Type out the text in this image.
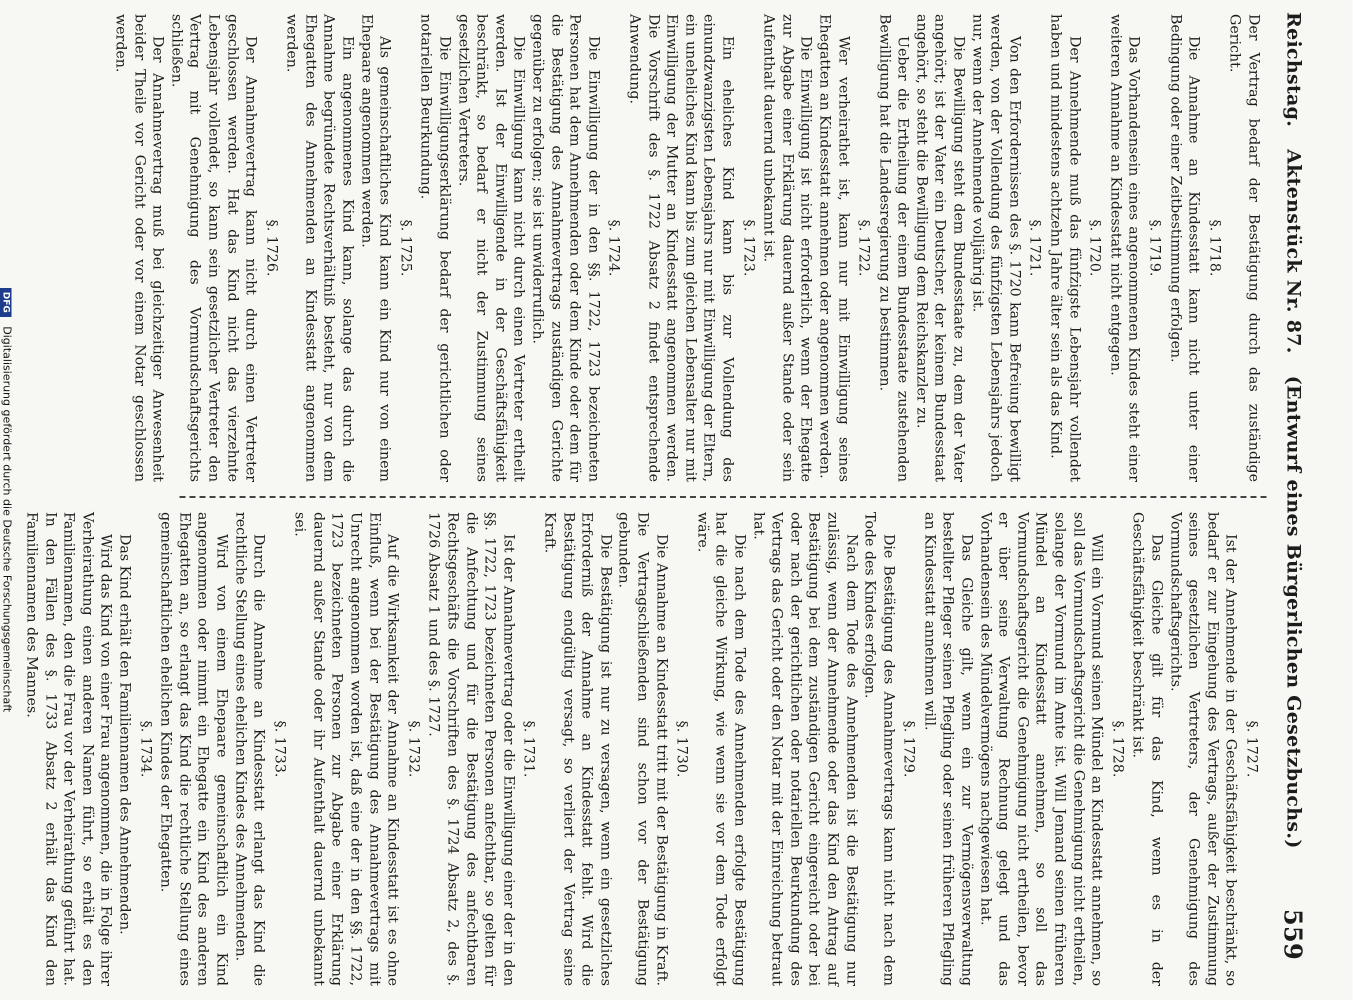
Reichstag.
Aktenstück Nr. 87.
(Entwurf eines Bürgerlichen Gesetzbuchs.)
559
Der Vertrag bedarf der Bestätigung durch das zuständige Gericht.
§. 1718.
Die Annahme an Kindesstatt kann nicht unter einer Bedingung oder einer Zeitbestimmung erfolgen.
§. 1719.
Das Vorhandensein eines angenommenen Kindes steht einer weiteren Annahme an Kindesstatt nicht entgegen.
§. 1720.
Der Annehmende muß das fünfzigste Lebensjahr vollendet haben und mindestens achtzehn Jahre älter sein als das Kind.
§. 1721.
Von den Erfordernissen des §. 1720 kann Befreiung bewilligt werden, von der Vollendung des fünfzigsten Lebensjahrs jedoch nur, wenn der Annehmende volljährig ist.
Die Bewilligung steht dem Bundesstaate zu, dem der Vater angehört; ist der Vater ein Deutscher, der keinem Bundesstaat angehört, so steht die Bewilligung dem Reichskanzler zu.
Ueber die Ertheilung der einem Bundesstaate zustehenden Bewilligung hat die Landesregierung zu bestimmen.
§. 1722.
Wer verheirathet ist, kann nur mit Einwilligung seines Ehegatten an Kindesstatt annehmen oder angenommen werden.
Die Einwilligung ist nicht erforderlich, wenn der Ehegatte zur Abgabe einer Erklärung dauernd außer Stande oder sein Aufenthalt dauernd unbekannt ist.
§. 1723.
Ein eheliches Kind kann bis zur Vollendung des einundzwanzigsten Lebensjahrs nur mit Einwilligung der Eltern, ein uneheliches Kind kann bis zum gleichen Lebensalter nur mit Einwilligung der Mutter an Kindesstatt angenommen werden. Die Vorschrift des §. 1722 Absatz 2 findet entsprechende Anwendung.
§. 1724.
Die Einwilligung der in den §§. 1722, 1723 bezeichneten Personen hat dem Annehmenden oder dem Kinde oder dem für die Bestätigung des Annahmevertrags zuständigen Gerichte gegenüber zu erfolgen; sie ist unwiderruflich.
Die Einwilligung kann nicht durch einen Vertreter ertheilt werden. Ist der Einwilligende in der Geschäftsfähigkeit beschränkt, so bedarf er nicht der Zustimmung seines gesetzlichen Vertreters.
Die Einwilligungserklärung bedarf der gerichtlichen oder notariellen Beurkundung.
§. 1725.
Als gemeinschaftliches Kind kann ein Kind nur von einem Ehepaare angenommen werden.
Ein angenommenes Kind kann, solange das durch die Annahme begründete Rechtsverhältniß besteht, nur von dem Ehegatten des Annehmenden an Kindesstatt angenommen werden.
§. 1726.
Der Annahmevertrag kann nicht durch einen Vertreter geschlossen werden. Hat das Kind nicht das vierzehnte Lebensjahr vollendet, so kann sein gesetzlicher Vertreter den Vertrag mit Genehmigung des Vormundschaftsgerichts schließen.
Der Annahmevertrag muß bei gleichzeitiger Anwesenheit beider Theile vor Gericht oder vor einem Notar geschlossen werden.
§. 1727.
Ist der Annehmende in der Geschäftsfähigkeit beschränkt, so bedarf er zur Eingehung des Vertrags, außer der Zustimmung seines gesetzlichen Vertreters, der Genehmigung des Vormundschaftsgerichts.
Das Gleiche gilt für das Kind, wenn es in der Geschäftsfähigkeit beschränkt ist.
§. 1728.
Will ein Vormund seinen Mündel an Kindesstatt annehmen, so soll das Vormundschaftsgericht die Genehmigung nicht ertheilen, solange der Vormund im Amte ist. Will Jemand seinen früheren Mündel an Kindesstatt annehmen, so soll das Vormundschaftsgericht die Genehmigung nicht ertheilen, bevor er über seine Verwaltung Rechnung gelegt und das Vorhandensein des Mündelvermögens nachgewiesen hat.
Das Gleiche gilt, wenn ein zur Vermögensverwaltung bestellter Pfleger seinen Pflegling oder seinen früheren Pflegling an Kindesstatt annehmen will.
§. 1729.
Die Bestätigung des Annahmevertrags kann nicht nach dem Tode des Kindes erfolgen.
Nach dem Tode des Annehmenden ist die Bestätigung nur zulässig, wenn der Annehmende oder das Kind den Antrag auf Bestätigung bei dem zuständigen Gericht eingereicht oder bei oder nach der gerichtlichen oder notariellen Beurkundung des Vertrags das Gericht oder den Notar mit der Einreichung betraut hat.
Die nach dem Tode des Annehmenden erfolgte Bestätigung hat die gleiche Wirkung, wie wenn sie vor dem Tode erfolgt wäre.
§. 1730.
Die Annahme an Kindesstatt tritt mit der Bestätigung in Kraft. Die Vertragschließenden sind schon vor der Bestätigung gebunden.
Die Bestätigung ist nur zu versagen, wenn ein gesetzliches Erforderniß der Annahme an Kindesstatt fehlt. Wird die Bestätigung endgültig versagt, so verliert der Vertrag seine Kraft.
§. 1731.
Ist der Annahmevertrag oder die Einwilligung einer der in den §§. 1722, 1723 bezeichneten Personen anfechtbar, so gelten für die Anfechtung und für die Bestätigung des anfechtbaren Rechtsgeschäfts die Vorschriften des §. 1724 Absatz 2, des §. 1726 Absatz 1 und des §. 1727.
§. 1732.
Auf die Wirksamkeit der Annahme an Kindesstatt ist es ohne Einfluß, wenn bei der Bestätigung des Annahmevertrags mit Unrecht angenommen worden ist, daß eine der in den §§. 1722, 1723 bezeichneten Personen zur Abgabe einer Erklärung dauernd außer Stande oder ihr Aufenthalt dauernd unbekannt sei.
§. 1733.
Durch die Annahme an Kindesstatt erlangt das Kind die rechtliche Stellung eines ehelichen Kindes des Annehmenden.
Wird von einem Ehepaare gemeinschaftlich ein Kind angenommen oder nimmt ein Ehegatte ein Kind des anderen Ehegatten an, so erlangt das Kind die rechtliche Stellung eines gemeinschaftlichen ehelichen Kindes der Ehegatten.
§. 1734.
Das Kind erhält den Familiennamen des Annehmenden.
Wird das Kind von einer Frau angenommen, die in Folge ihrer Verheirathung einen anderen Namen führt, so erhält es den Familiennamen, den die Frau vor der Verheirathung geführt hat. In den Fällen des §. 1733 Absatz 2 erhält das Kind den Familiennamen des Mannes.
DFG Digitalisierung gefördert durch die Deutsche Forschungsgemeinschaft
